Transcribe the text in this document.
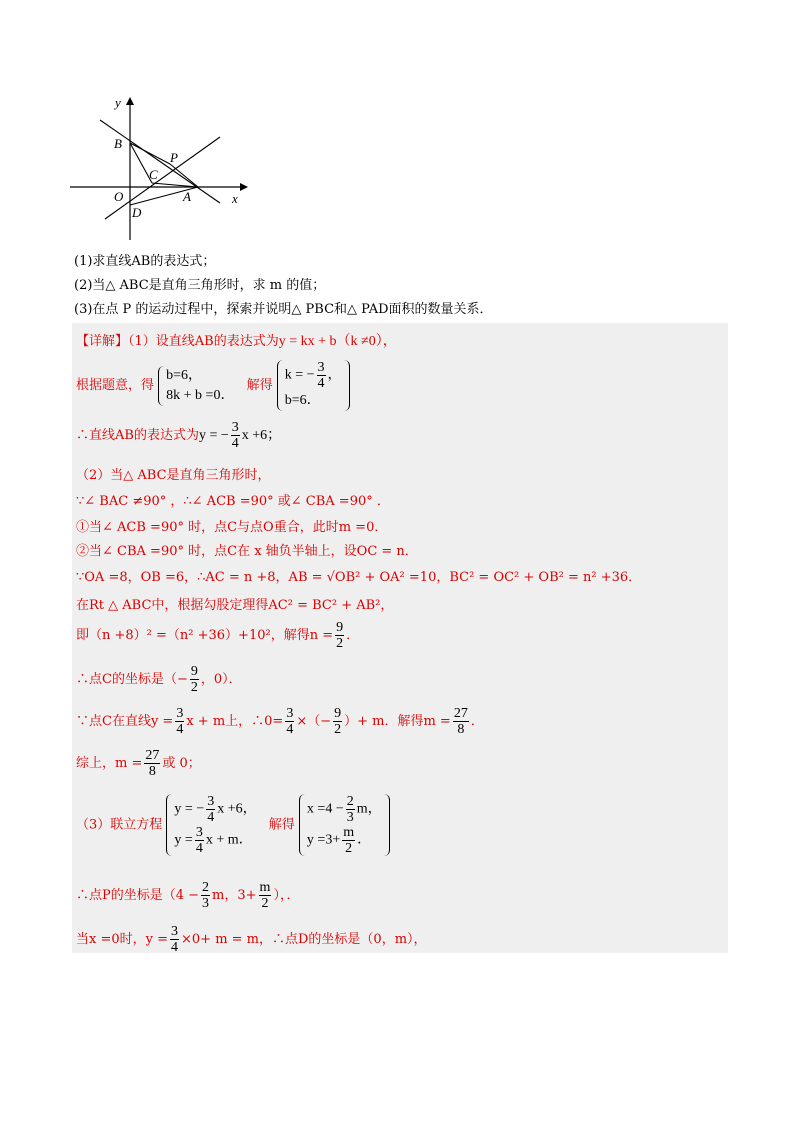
y
x
B
P
C
O
D
A
(1)求直线AB的表达式；
(2)当△ ABC是直角三角形时，求 m 的值；
(3)在点 P 的运动过程中，探索并说明△ PBC和△ PAD面积的数量关系．
【详解】（1）设直线AB的表达式为y = kx + b（k ≠0），
根据题意，得
b=6，
8k + b =0．
解得
k = − $\frac{3}{4}$ ，
b=6．
∴直线AB的表达式为y = − $\frac{3}{4}$ x +6；
（2）当△ ABC是直角三角形时，
∵∠ BAC ≠90° ，∴∠ ACB =90° 或∠ CBA =90° ．
①当∠ ACB =90° 时，点C与点O重合，此时m =0．
②当∠ CBA =90° 时，点C在 x 轴负半轴上，设OC = n．
∵OA =8，OB =6，∴AC = n +8，AB = √OB² + OA² =10，BC² = OC² + OB² = n² +36．
在Rt △ ABC中，根据勾股定理得AC² = BC² + AB²，
即（n +8）² =（n² +36）+10²，解得$n = \frac{9}{2}$ ．
∴点C的坐标是（− $\frac{9}{2}$ ，0）．
∵点C在直线$y = \frac{3}{4}$ x + m上，∴0= $\frac{3}{4}$ ×（− $\frac{9}{2}$ ）+ m．解得$m = \frac{27}{8}$ ．
综上，$m = \frac{27}{8}$ 或 0；
（3）联立方程
y = − $\frac{3}{4}$ x +6，
$y = \frac{3}{4}$ x + m．
解得
$x =4 - \frac{2}{3}$ m，
$y =3+ \frac{m}{2}$ ．
∴点P的坐标是（$4 - \frac{2}{3}$ m，$3+ \frac{m}{2}$ ），．
当x =0时，$y = \frac{3}{4} \times 0+ m = m$，∴点D的坐标是（0，m），
